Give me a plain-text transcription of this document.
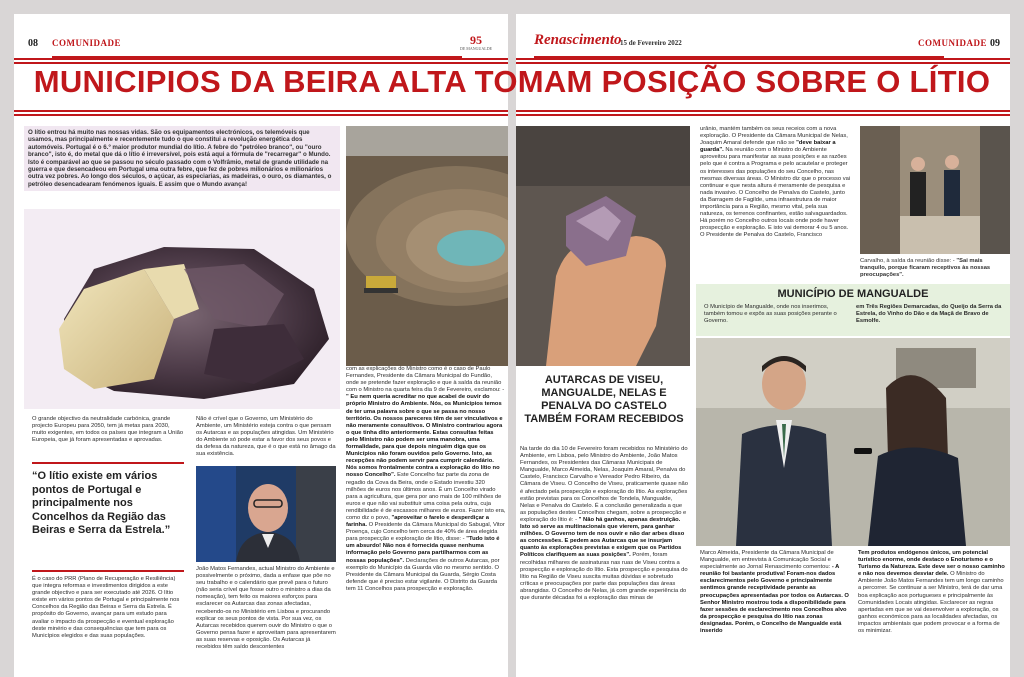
08 COMUNIDADE	95
DE MANGUALDE
O lítio entrou há muito nas nossas vidas. São os equipamentos electrónicos, os telemóveis que usamos, mas principalmente e recentemente tudo o que constitui a revolução energética dos automóveis. Portugal é o 6.º maior produtor mundial do lítio. A febre do "petróleo branco", ou "ouro branco", isto é, do metal que dá o lítio é irreversível, pois está aqui a fórmula de "recarregar" o Mundo. Isto é comparável ao que se passou no século passado com o Volfrâmio, metal de grande utilidade na guerra e que desencadeou em Portugal uma outra febre, que fez de pobres milionários e milionários outra vez pobres. Ao longo dos séculos, o açúcar, as especiarias, as madeiras, o ouro, os diamantes, o petróleo desencadearam fenómenos iguais. E assim que o Mundo avança!
O grande objectivo da neutralidade carbónica, grande projecto Europeu para 2050, tem já metas para 2030, muito exigentes, em todos os países que integram a União Europeia, que já foram apresentadas e aprovadas.
Não é crível que o Governo, um Ministério do Ambiente, um Ministério esteja contra o que pensam os Autarcas e as populações atingidas. Um Ministério do Ambiente só pode estar a favor dos seus povos e da defesa da natureza, que é o que está no âmago da sua existência.
“O lítio existe em vários pontos de Portugal e principalmente nos Concelhos da Região das Beiras e Serra da Estrela.”
É o caso do PRR (Plano de Recuperação e Resiliência) que integra reformas e investimentos dirigidos a este grande objectivo e para ser executado até 2026. O lítio existe em vários pontos de Portugal e principalmente nos Concelhos da Região das Beiras e Serra da Estrela. É propósito do Governo, avançar para um estudo para avaliar o impacto da prospecção e eventual exploração deste minério e das consequências que tem para os Municípios elegidos e das suas populações.
João Matos Fernandes, actual Ministro do Ambiente e possivelmente o próximo, dada a enfase que pôe no seu trabalho e o calendário que prevê para o futuro (não seria crível que fosse outro o ministro a dias da nomeação), tem feito os maiores esforços para esclarecer os Autarcas das zonas afectadas, recebendo-os no Ministério em Lisboa e procurando explicar os seus pontos de vista. Por sua vez, os Autarcas recebidos querem ouvir do Ministro o que o Governo pensa fazer e aproveitam para apresentarem as suas reservas e oposição. Os Autarcas já recebidos têm saído descontentes
com as explicações do Ministro como é o caso de Paulo Fernandes, Presidente da Câmara Municipal do Fundão, onde se pretende fazer exploração e que à saída da reunião com o Ministro na quarta feira dia 9 de Fevereiro, exclamou: - " Eu nem queria acreditar no que acabei de ouvir do próprio Ministro do Ambiente. Nós, os Municípios temos de ter uma palavra sobre o que se passa no nosso território. Os nossos pareceres têm de ser vinculativos e não meramente consultivos. O Ministro contrariou agora o que tinha dito anteriormente. Estas consultas feitas pelo Ministro não podem ser uma manobra, uma formalidade, para que depois ninguém diga que os Municípios não foram ouvidos pelo Governo. Isto, as recepções não podem servir para cumprir calendário. Nós somos frontalmente contra a exploração do lítio no nosso Concelho". Este Concelho faz parte da zona de regadio da Cova da Beira, onde o Estado investiu 320 milhões de euros nos últimos anos. É um Concelho virado para a agricultura, que gera por ano mais de 100 milhões de euros e que não vai substituir uma coisa pela outra, cuja rendibilidade é de escassos milhares de euros. Fazer isto era, como diz o povo, "aproveitar o farelo e desperdiçar a farinha. O Presidente da Câmara Municipal do Sabugal, Vitor Proença, cujo Concelho tem cerca de 40% de área elegida para prospecção e exploração de lítio, disse: - "Tudo isto é um absurdo! Não nos é fornecida quase nenhuma informação pelo Governo para partilharmos com as nossas populações". Declarações de outros Autarcas, por exemplo do Município da Guarda vão no mesmo sentido. O Presidente da Câmara Municipal da Guarda, Sérgio Costa defende que é preciso estar vigilante. O Distrito da Guarda tem 11 Concelhos para prospecção e exploração.
Renascimento
15 de Fevereiro 2022	COMUNIDADE 09
AUTARCAS DE VISEU, MANGUALDE, NELAS E PENALVA DO CASTELO TAMBÉM FORAM RECEBIDOS
Na tarde do dia 10 de Fevereiro foram recebidos no Ministério do Ambiente, em Lisboa, pelo Ministro do Ambiente, João Matos Fernandes, os Presidentes das Câmaras Municipais de Mangualde, Marco Almeida, Nelas, Joaquim Amaral, Penalva do Castelo, Francisco Carvalho e Vereador Pedro Ribeiro, da Câmara de Viseu. O Concelho de Viseu, praticamente quase não é afectado pela prospecção e exploração do lítio. As explorações estão previstas para os Concelhos de Tondela, Mangualde, Nelas e Penalva do Castelo. É a conclusão generalizada a que as populações destes Concelhos chegam, sobre a prospecção e exploração do lítio é: - " Não há ganhos, apenas destruição. Isto só serve as multinacionais que vierem, para ganhar milhões. O Governo tem de nos ouvir e não dar arbes disso as concessões. E pedem aos Autarcas que se insurjam quanto às explorações previstas e exigem que os Partidos Políticos clarifiquem as suas posições". Porém, foram recolhidas milhares de assinaturas nas ruas de Viseu contra a prospecção e exploração do lítio. Esta prospecção e pesquisa do lítio na Região de Viseu suscita muitas dúvidas e sobretudo críticas e preocupações por parte das populações das áreas abrangidas. O Concelho de Nelas, já com grande experiência do que durante décadas foi a exploração das minas de
urânio, mantém também os seus receios com a nova exploração. O Presidente da Câmara Municipal de Nelas, Joaquim Amaral defende que não se "deve baixar a guarda". Na reunião com o Ministro do Ambiente aproveitou para manifestar as suas posições e as razões pelo que é contra a Programa e pelo acautelar e proteger os interesses das populações do seu Concelho, nas mesmas diversas áreas. O Ministro diz que o processo vai continuar e que nesta altura é meramente de pesquisa e nada invasivo. O Concelho de Penalva do Castelo, junto da Barragem de Fagilde, uma infraestrutura de maior importância para a Região, mesmo vital, pela sua natureza, os terrenos confinantes, estão salvaguardados. Há porém no Concelho outros locais onde pode haver prospecção e exploração. E isto vai demorar 4 ou 5 anos. O Presidente de Penalva do Castelo, Francisco
Carvalho, à saída da reunião disse: - "Sai mais tranquilo, porque ficaram receptivos às nossas preocupações".
MUNICÍPIO DE MANGUALDE
O Município de Mangualde, onde nos inserimos, também tomou e expôs as suas posições perante o Governo.
em Três Regiões Demarcadas, do Queijo da Serra da Estrela, do Vinho do Dão e da Maçã de Bravo de Esmolfe.
Marco Almeida, Presidente da Câmara Municipal de Mangualde, em entrevista à Comunicação Social e especialmente ao Jornal Renascimento comentou: - A reunião foi bastante produtiva! Foram-nos dados esclarecimentos pelo Governo e principalmente sentimos grande receptividade perante as preocupações apresentadas por todos os Autarcas. O Senhor Ministro mostrou toda a disponibilidade para fazer sessões de esclarecimento nos Concelhos alvo da prospecção e pesquisa do lítio nas zonas designadas. Porém, o Concelho de Mangualde está inserido
Tem produtos endógenos únicos, um potencial turístico enorme, onde destaco o Enoturismo e o Turismo da Natureza. Este deve ser o nosso caminho e não nos devemos desviar dele. O Ministro do Ambiente João Matos Fernandes tem um longo caminho a percorrer. Se continuar a ser Ministro, terá de dar uma boa explicação aos portugueses e principalmente às Comunidades Locais atingidas. Esclarecer as regras apertadas em que se vai desenvolver a exploração, os ganhos económicos para as localidades afectadas, os impactos ambientais que podem provocar e a forma de os minimizar.
MUNICIPIOS DA BEIRA ALTA TOMAM POSIÇÃO SOBRE O LÍTIO
